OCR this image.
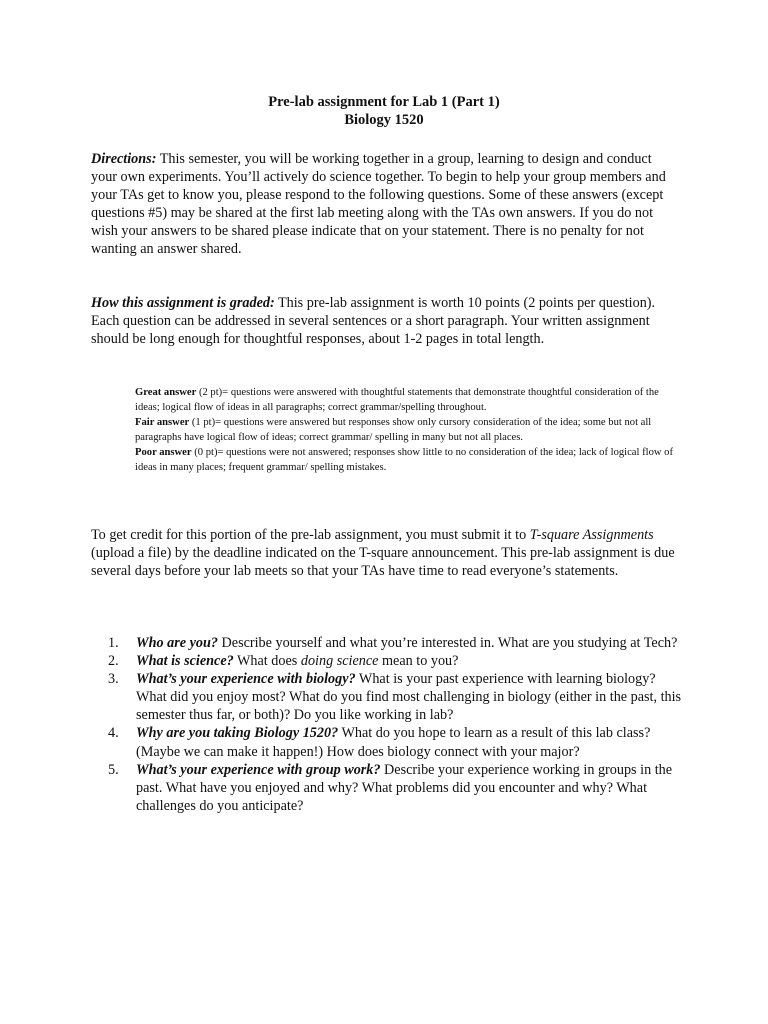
Pre-lab assignment for Lab 1 (Part 1)
Biology 1520

Directions: This semester, you will be working together in a group, learning to design and conduct your own experiments. You’ll actively do science together. To begin to help your group members and your TAs get to know you, please respond to the following questions. Some of these answers (except questions #5) may be shared at the first lab meeting along with the TAs own answers. If you do not wish your answers to be shared please indicate that on your statement. There is no penalty for not wanting an answer shared.

How this assignment is graded: This pre-lab assignment is worth 10 points (2 points per question). Each question can be addressed in several sentences or a short paragraph. Your written assignment should be long enough for thoughtful responses, about 1-2 pages in total length.

Great answer (2 pt)= questions were answered with thoughtful statements that demonstrate thoughtful consideration of the ideas; logical flow of ideas in all paragraphs; correct grammar/spelling throughout.

Fair answer (1 pt)= questions were answered but responses show only cursory consideration of the idea; some but not all paragraphs have logical flow of ideas; correct grammar/ spelling in many but not all places.

Poor answer (0 pt)= questions were not answered; responses show little to no consideration of the idea; lack of logical flow of ideas in many places; frequent grammar/ spelling mistakes.

To get credit for this portion of the pre-lab assignment, you must submit it to T-square Assignments (upload a file) by the deadline indicated on the T-square announcement. This pre-lab assignment is due several days before your lab meets so that your TAs have time to read everyone’s statements.

1. Who are you? Describe yourself and what you’re interested in. What are you studying at Tech?
2. What is science? What does doing science mean to you?
3. What’s your experience with biology? What is your past experience with learning biology? What did you enjoy most? What do you find most challenging in biology (either in the past, this semester thus far, or both)? Do you like working in lab?
4. Why are you taking Biology 1520? What do you hope to learn as a result of this lab class? (Maybe we can make it happen!) How does biology connect with your major?
5. What’s your experience with group work? Describe your experience working in groups in the past. What have you enjoyed and why? What problems did you encounter and why? What challenges do you anticipate?
